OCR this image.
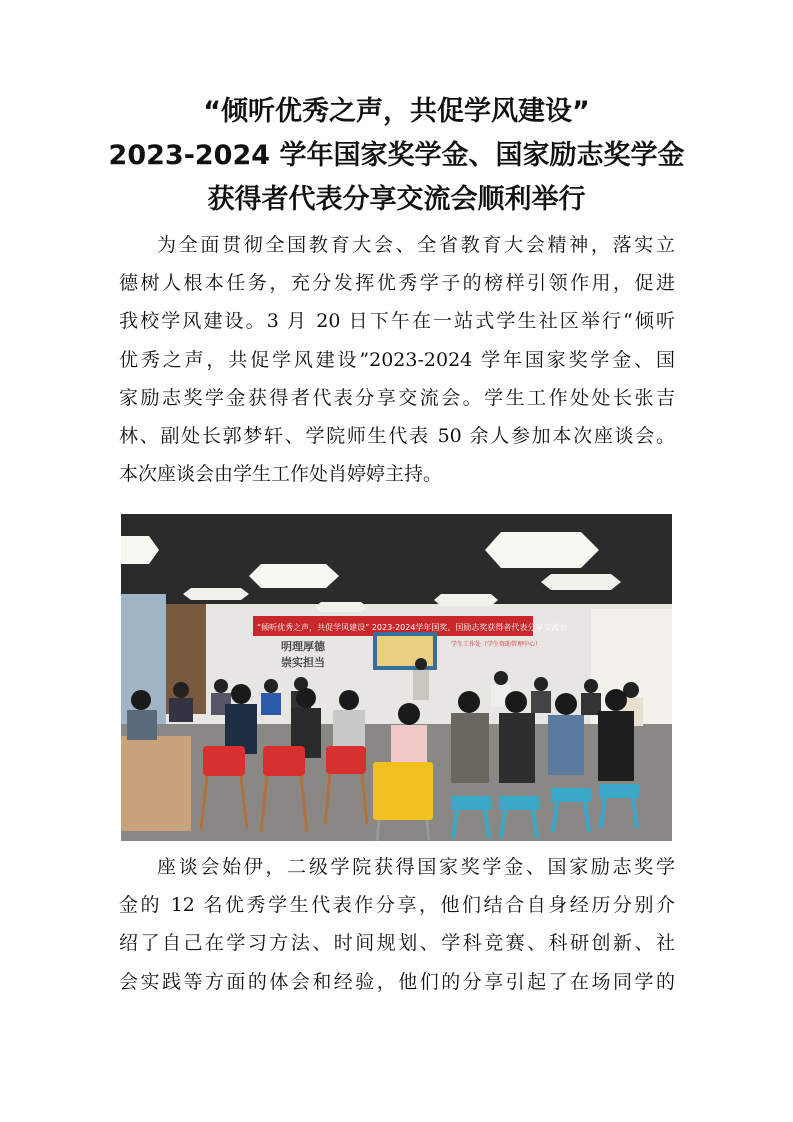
“倾听优秀之声，共促学风建设”
2023-2024 学年国家奖学金、国家励志奖学金
获得者代表分享交流会顺利举行

为全面贯彻全国教育大会、全省教育大会精神，落实立
德树人根本任务，充分发挥优秀学子的榜样引领作用，促进
我校学风建设。3 月 20 日下午在一站式学生社区举行“倾听
优秀之声，共促学风建设”2023-2024 学年国家奖学金、国
家励志奖学金获得者代表分享交流会。学生工作处处长张吉
林、副处长郭梦轩、学院师生代表 50 余人参加本次座谈会。
本次座谈会由学生工作处肖婷婷主持。

“倾听优秀之声，共促学风建设” 2023-2024学年国奖、国励志奖获得者代表分享交流会
学生工作处（学生资助管理中心）
明理厚德
崇实担当

座谈会始伊，二级学院获得国家奖学金、国家励志奖学
金的 12 名优秀学生代表作分享，他们结合自身经历分别介
绍了自己在学习方法、时间规划、学科竞赛、科研创新、社
会实践等方面的体会和经验，他们的分享引起了在场同学的
